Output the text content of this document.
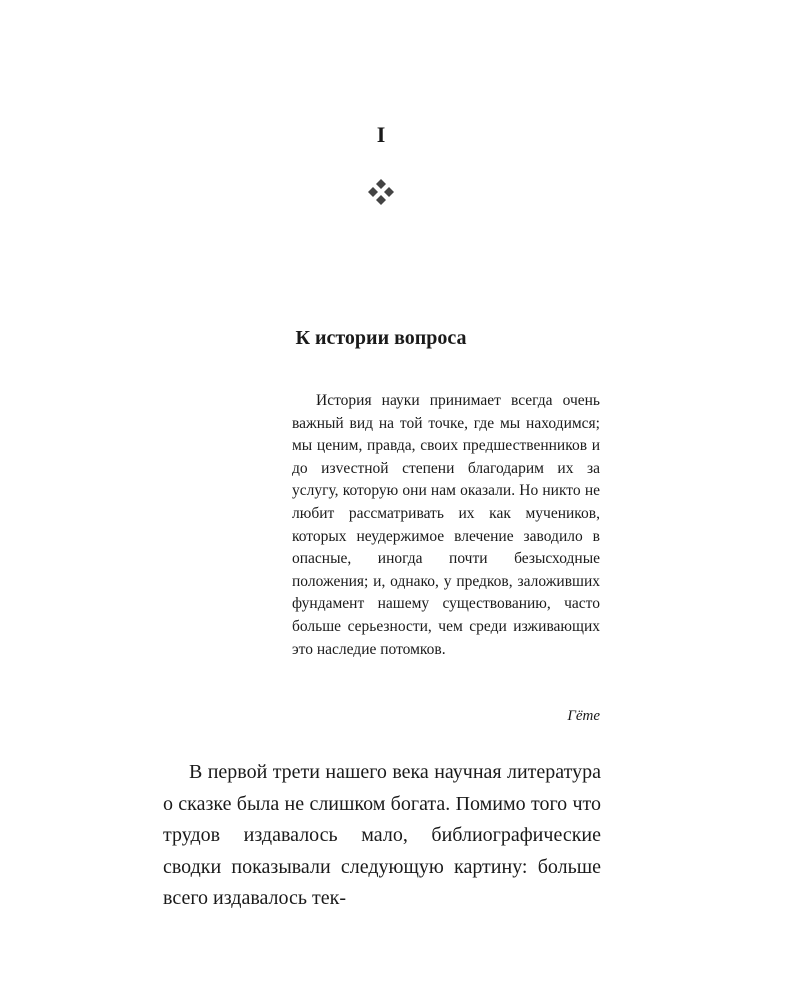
I
К истории вопроса

История науки принимает всегда очень важный вид на той точке, где мы находимся; мы ценим, правда, своих предшественников и до изvестной степени благодарим их за услугу, которую они нам оказали. Но никто не любит рассматривать их как мучеников, которых неудержимое влечение заводило в опасные, иногда почти безысходные положения; и, однако, у предков, заложивших фундамент нашему существованию, часто больше серьезности, чем среди изживающих это наследие потомков.

Гёте

В первой трети нашего века научная литература о сказке была не слишком богата. Помимо того что трудов издавалось мало, библиографические сводки показывали следующую картину: больше всего издавалось тек-
